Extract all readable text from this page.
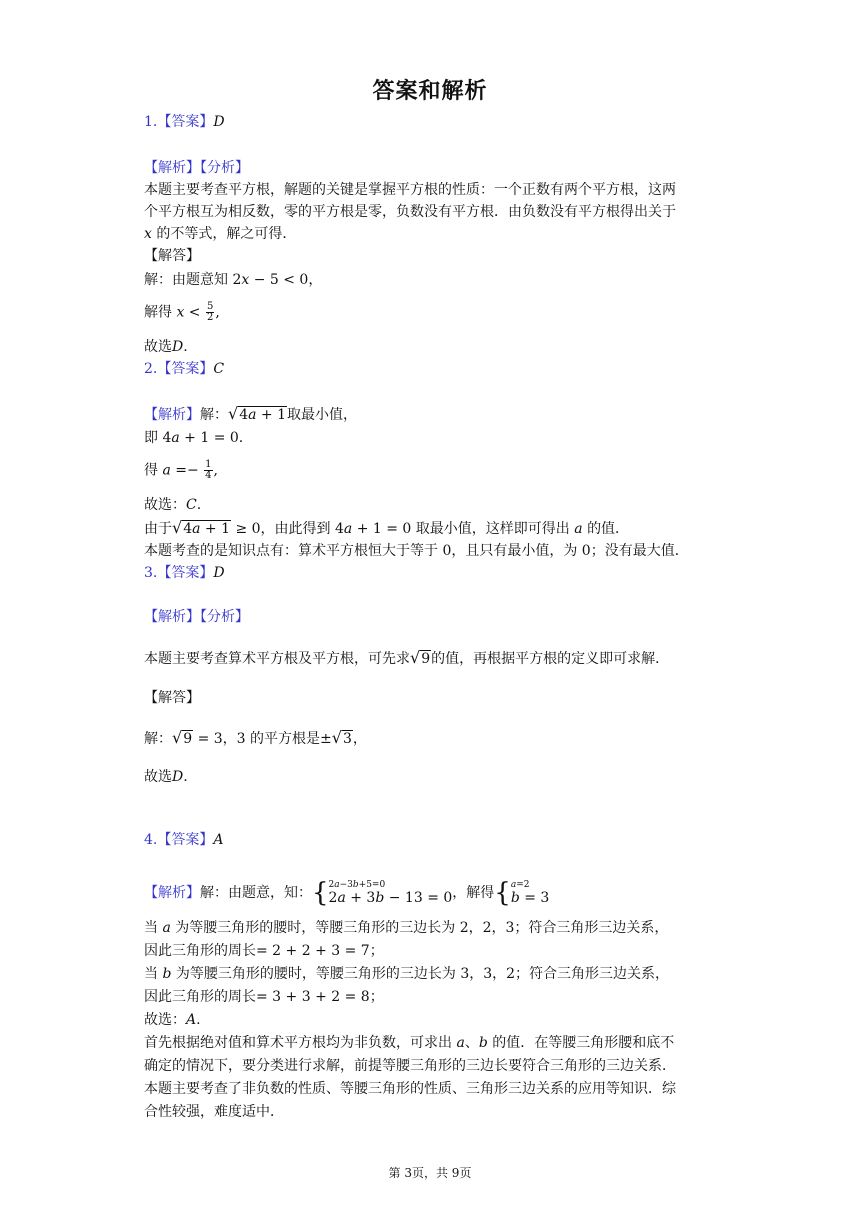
答案和解析
1.【答案】D
【解析】【分析】
本题主要考查平方根，解题的关键是掌握平方根的性质：一个正数有两个平方根，这两
个平方根互为相反数，零的平方根是零，负数没有平方根．由负数没有平方根得出关于
x 的不等式，解之可得．
【解答】
解：由题意知 2𝑥 − 5 < 0，
解得 𝑥 < $\frac{5}{2}$ ,
故选D.
2.【答案】C
【解析】解：√4𝑎 + 1取最小值，
即 4𝑎 + 1 = 0.
得 𝑎 =− $\frac{1}{4}$ ,
故选：C.
由于√4𝑎 + 1 ≥ 0，由此得到 4𝑎 + 1 = 0 取最小值，这样即可得出 a 的值．
本题考查的是知识点有：算术平方根恒大于等于 0，且只有最小值，为 0；没有最大值．
3.【答案】D
【解析】【分析】
本题主要考查算术平方根及平方根，可先求√9的值，再根据平方根的定义即可求解．
【解答】
解：√9 = 3，3 的平方根是±√3，
故选D.
4.【答案】A
【解析】解：由题意，知：{ 2𝑎−3𝑏+5=0
2𝑎 + 3𝑏 − 13 = 0 ，解得{ 𝑎=2
𝑏 = 3
当 a 为等腰三角形的腰时，等腰三角形的三边长为 2，2，3；符合三角形三边关系，
因此三角形的周长= 2 + 2 + 3 = 7；
当 b 为等腰三角形的腰时，等腰三角形的三边长为 3，3，2；符合三角形三边关系，
因此三角形的周长= 3 + 3 + 2 = 8；
故选：A.
首先根据绝对值和算术平方根均为非负数，可求出 a、b 的值．在等腰三角形腰和底不
确定的情况下，要分类进行求解，前提等腰三角形的三边长要符合三角形的三边关系．
本题主要考查了非负数的性质、等腰三角形的性质、三角形三边关系的应用等知识．综
合性较强，难度适中．
第 3页，共 9页
